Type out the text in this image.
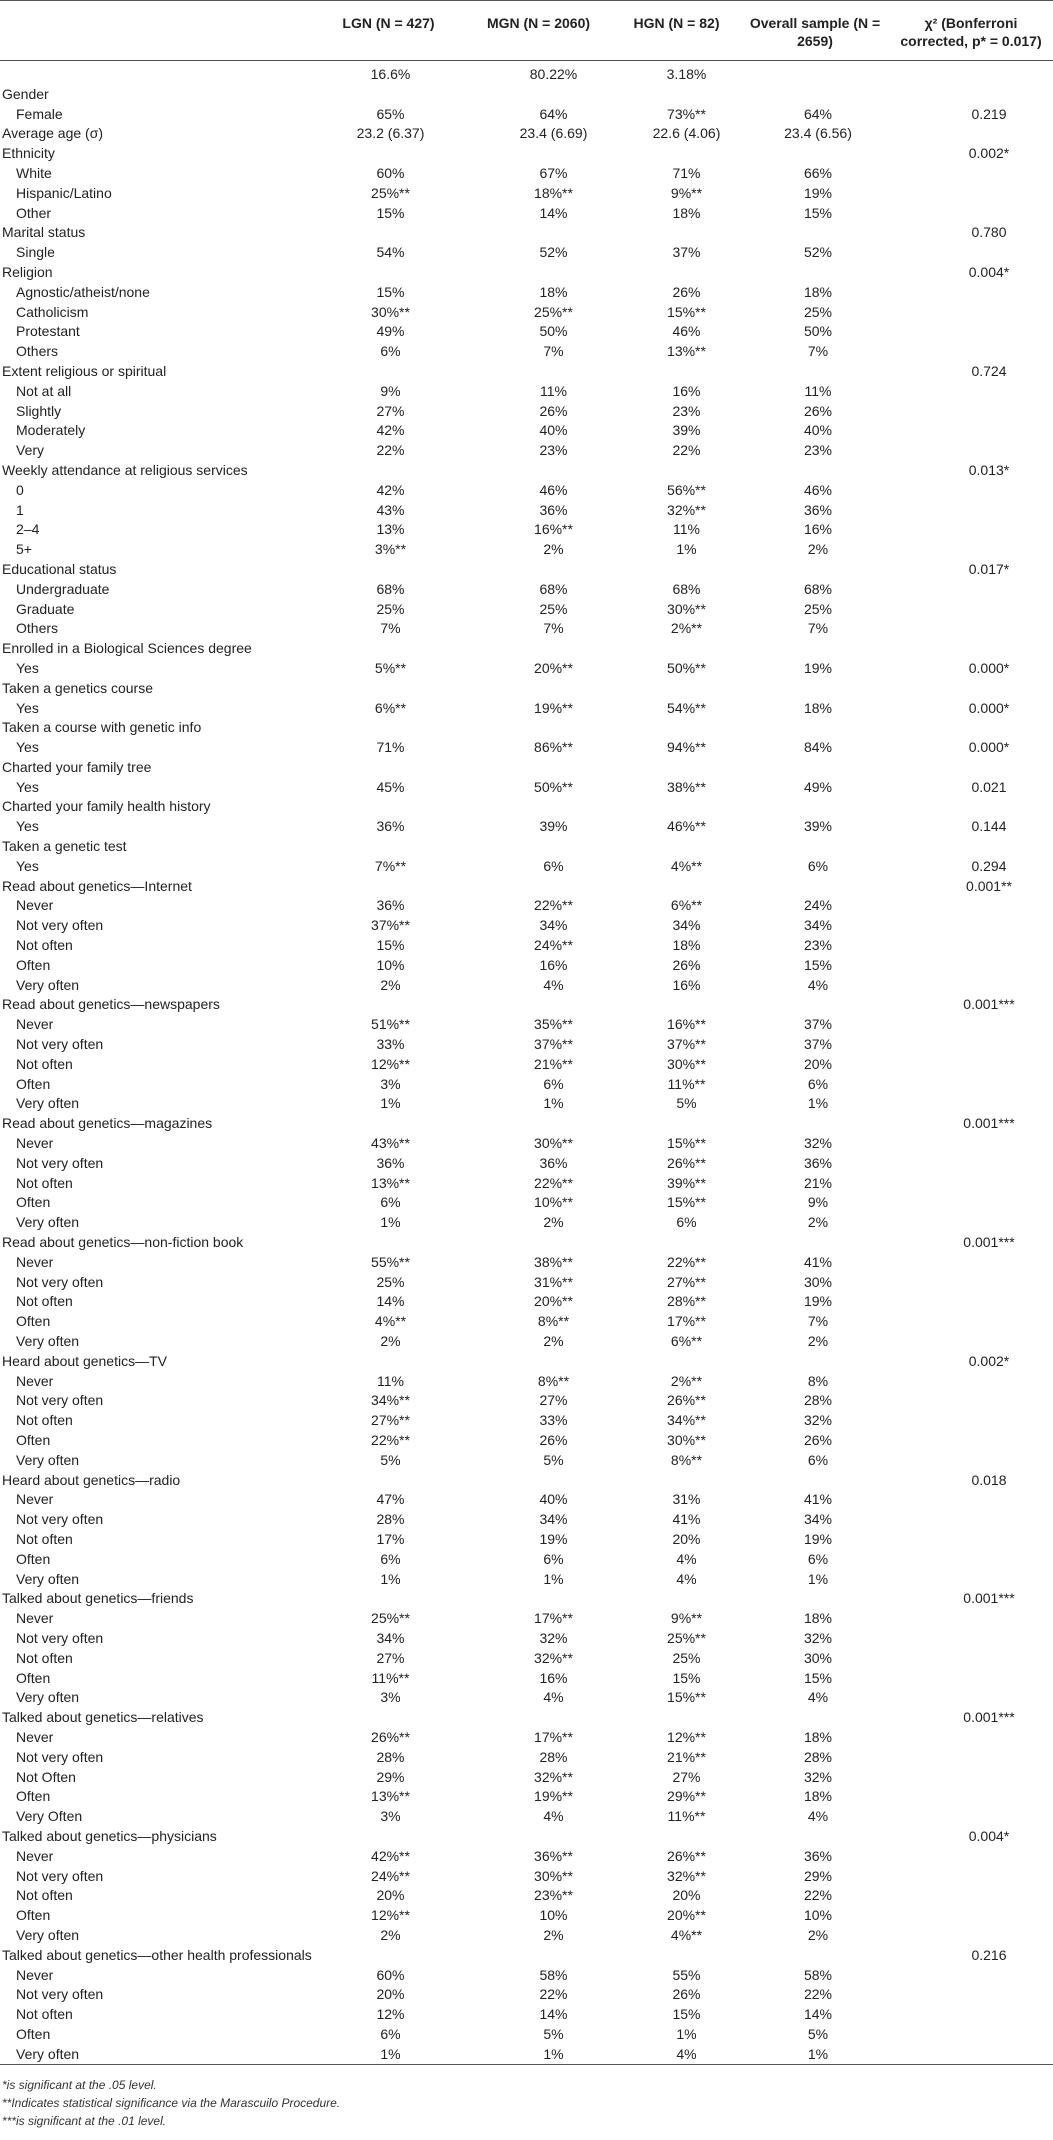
	LGN (N = 427)	MGN (N = 2060)	HGN (N = 82)	Overall sample (N = 2659)	χ² (Bonferroni corrected, p* = 0.017)
	16.6%	80.22%	3.18%		
Gender					
Female	65%	64%	73%**	64%	0.219
Average age (σ)	23.2 (6.37)	23.4 (6.69)	22.6 (4.06)	23.4 (6.56)	
Ethnicity					0.002*
White	60%	67%	71%	66%	
Hispanic/Latino	25%**	18%**	9%**	19%	
Other	15%	14%	18%	15%	
Marital status					0.780
Single	54%	52%	37%	52%	
Religion					0.004*
Agnostic/atheist/none	15%	18%	26%	18%	
Catholicism	30%**	25%**	15%**	25%	
Protestant	49%	50%	46%	50%	
Others	6%	7%	13%**	7%	
Extent religious or spiritual					0.724
Not at all	9%	11%	16%	11%	
Slightly	27%	26%	23%	26%	
Moderately	42%	40%	39%	40%	
Very	22%	23%	22%	23%	
Weekly attendance at religious services					0.013*
0	42%	46%	56%**	46%	
1	43%	36%	32%**	36%	
2–4	13%	16%**	11%	16%	
5+	3%**	2%	1%	2%	
Educational status					0.017*
Undergraduate	68%	68%	68%	68%	
Graduate	25%	25%	30%**	25%	
Others	7%	7%	2%**	7%	
Enrolled in a Biological Sciences degree					
Yes	5%**	20%**	50%**	19%	0.000*
Taken a genetics course					
Yes	6%**	19%**	54%**	18%	0.000*
Taken a course with genetic info					
Yes	71%	86%**	94%**	84%	0.000*
Charted your family tree					
Yes	45%	50%**	38%**	49%	0.021
Charted your family health history					
Yes	36%	39%	46%**	39%	0.144
Taken a genetic test					
Yes	7%**	6%	4%**	6%	0.294
Read about genetics—Internet					0.001**
Never	36%	22%**	6%**	24%	
Not very often	37%**	34%	34%	34%	
Not often	15%	24%**	18%	23%	
Often	10%	16%	26%	15%	
Very often	2%	4%	16%	4%	
Read about genetics—newspapers					0.001***
Never	51%**	35%**	16%**	37%	
Not very often	33%	37%**	37%**	37%	
Not often	12%**	21%**	30%**	20%	
Often	3%	6%	11%**	6%	
Very often	1%	1%	5%	1%	
Read about genetics—magazines					0.001***
Never	43%**	30%**	15%**	32%	
Not very often	36%	36%	26%**	36%	
Not often	13%**	22%**	39%**	21%	
Often	6%	10%**	15%**	9%	
Very often	1%	2%	6%	2%	
Read about genetics—non-fiction book					0.001***
Never	55%**	38%**	22%**	41%	
Not very often	25%	31%**	27%**	30%	
Not often	14%	20%**	28%**	19%	
Often	4%**	8%**	17%**	7%	
Very often	2%	2%	6%**	2%	
Heard about genetics—TV					0.002*
Never	11%	8%**	2%**	8%	
Not very often	34%**	27%	26%**	28%	
Not often	27%**	33%	34%**	32%	
Often	22%**	26%	30%**	26%	
Very often	5%	5%	8%**	6%	
Heard about genetics—radio					0.018
Never	47%	40%	31%	41%	
Not very often	28%	34%	41%	34%	
Not often	17%	19%	20%	19%	
Often	6%	6%	4%	6%	
Very often	1%	1%	4%	1%	
Talked about genetics—friends					0.001***
Never	25%**	17%**	9%**	18%	
Not very often	34%	32%	25%**	32%	
Not often	27%	32%**	25%	30%	
Often	11%**	16%	15%	15%	
Very often	3%	4%	15%**	4%	
Talked about genetics—relatives					0.001***
Never	26%**	17%**	12%**	18%	
Not very often	28%	28%	21%**	28%	
Not Often	29%	32%**	27%	32%	
Often	13%**	19%**	29%**	18%	
Very Often	3%	4%	11%**	4%	
Talked about genetics—physicians					0.004*
Never	42%**	36%**	26%**	36%	
Not very often	24%**	30%**	32%**	29%	
Not often	20%	23%**	20%	22%	
Often	12%**	10%	20%**	10%	
Very often	2%	2%	4%**	2%	
Talked about genetics—other health professionals					0.216
Never	60%	58%	55%	58%	
Not very often	20%	22%	26%	22%	
Not often	12%	14%	15%	14%	
Often	6%	5%	1%	5%	
Very often	1%	1%	4%	1%	
*is significant at the .05 level.
**Indicates statistical significance via the Marascuilo Procedure.
***is significant at the .01 level.
